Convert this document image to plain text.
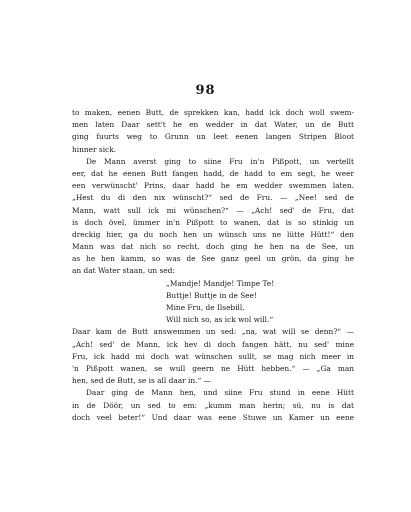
98
to maken, eenen Butt, de sprekken kan, hadd ick doch woll swem-
men laten Daar sett't he en wedder in dat Water, un de Butt
ging fuurts weg to Grunn un leet eenen langen Stripen Bloot
hinner sick.
De Mann averst ging to siine Fru in'n Pißpott, un vertellt
eer, dat he eenen Butt fangen hadd, de hadd to em segt, he weer
een verwünscht' Prins, daar hadd he em wedder swemmen laten.
„Hest du di den nix wünscht?“ sed de Fru. — „Nee! sed de
Mann, watt sull ick mi wünschen?“ — „Ach! sed' de Fru, dat
is doch övel, ümmer in'n Pißpott to wanen, dat is so stinkig un
dreckig hier, ga du noch hen un wünsch uns ne lütte Hütt!“ den
Mann was dat nich so recht, doch ging he hen na de See, un
as he hen kamm, so was de See ganz geel un grön, da ging he
an dat Water staan, un sed:
„Mandje! Mandje! Timpe Te!
Buttje! Buttje in de See!
Mine Fru, de Ilsebill,
Will nich so, as ick wol will.“
Daar kam de Butt answemmen un sed: „na, wat will se denn?“ —
„Ach! sed' de Mann, ick hev di doch fangen hätt, nu sed' mine
Fru, ick hadd mi doch wat wünschen sullt, se mag nich meer in
'n Pißpott wanen, se wull geern ne Hütt hebben.“ — „Ga man
hen, sed de Butt, se is all daar in.“ —
Daar ging de Mann hen, und siine Fru stund in eene Hütt
in de Döör, un sed to em: „kumm man herin; sü, nu is dat
doch veel beter!“ Und daar was eene Stuwe un Kamer un eene
